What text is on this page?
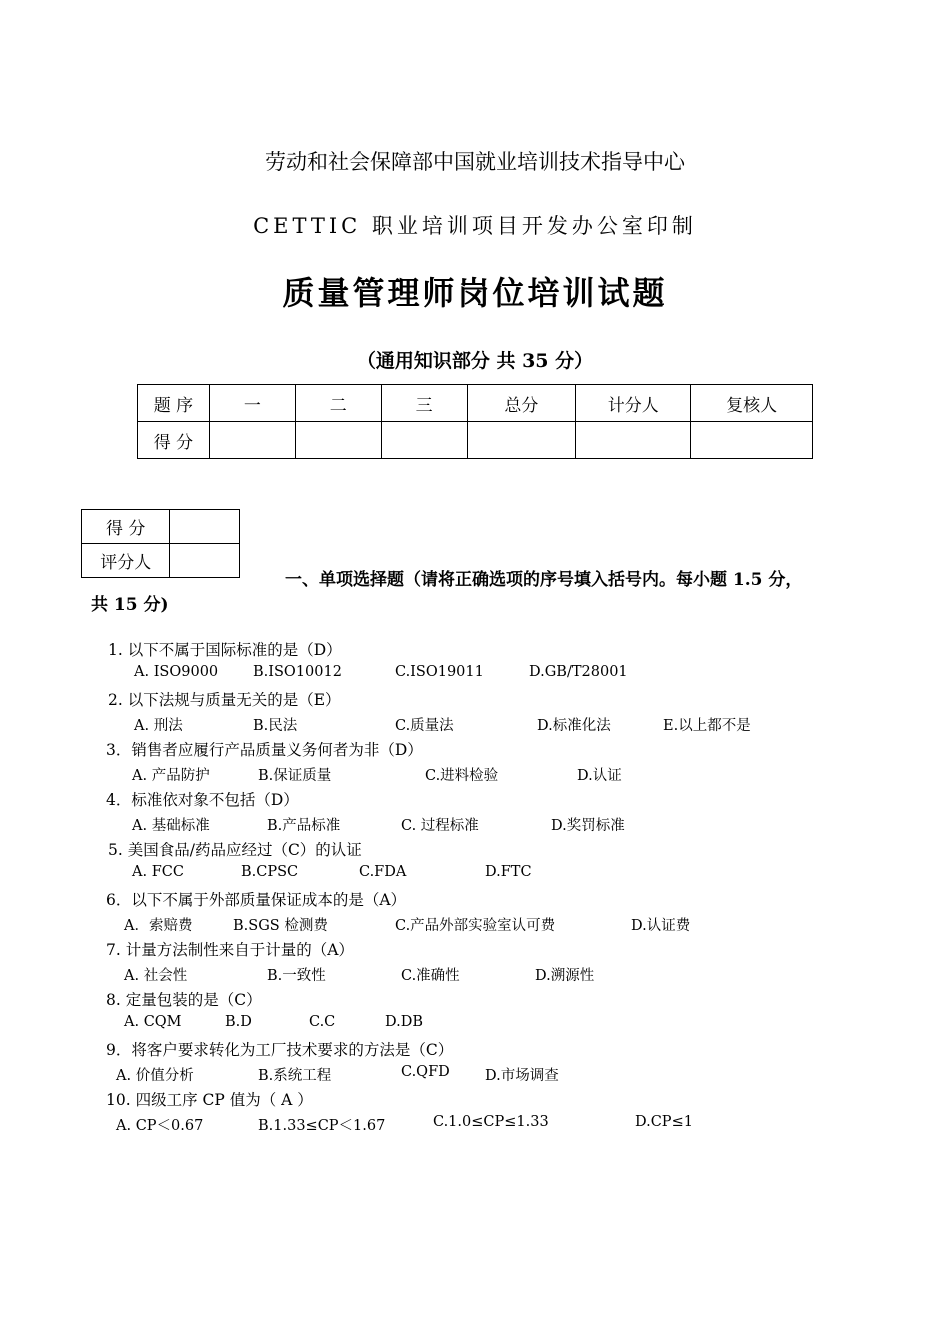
劳动和社会保障部中国就业培训技术指导中心
CETTIC 职业培训项目开发办公室印制
质量管理师岗位培训试题
（通用知识部分 共 35 分）
题 序	一	二	三	总分	计分人	复核人
得 分						
得 分	
评分人	
一、单项选择题（请将正确选项的序号填入括号内。每小题 1.5 分，
共 15 分)
1. 以下不属于国际标准的是（D）
A. ISO9000 B.ISO10012	C.ISO19011	D.GB/T28001
2. 以下法规与质量无关的是（E）
A. 刑法	B.民法	C.质量法	D.标准化法	E.以上都不是
3．销售者应履行产品质量义务何者为非（D）
A. 产品防护	B.保证质量	C.进料检验	D.认证
4．标准依对象不包括（D）
A. 基础标准	B.产品标准	C. 过程标准	D.奖罚标准
5. 美国食品/药品应经过（C）的认证
A. FCC	B.CPSC	C.FDA	D.FTC
6．以下不属于外部质量保证成本的是（A）
A．索赔费	B.SGS 检测费	C.产品外部实验室认可费	D.认证费
7. 计量方法制性来自于计量的（A）
A. 社会性	B.一致性	C.准确性	D.溯源性
8. 定量包装的是（C）
A. CQM	B.D	C.C	D.DB
9．将客户要求转化为工厂技术要求的方法是（C）
A. 价值分析	B.系统工程	C.QFD D.市场调查
10. 四级工序 CP 值为（ A ）
A. CP＜0.67	B.1.33≤CP＜1.67	C.1.0≤CP≤1.33	D.CP≤1
